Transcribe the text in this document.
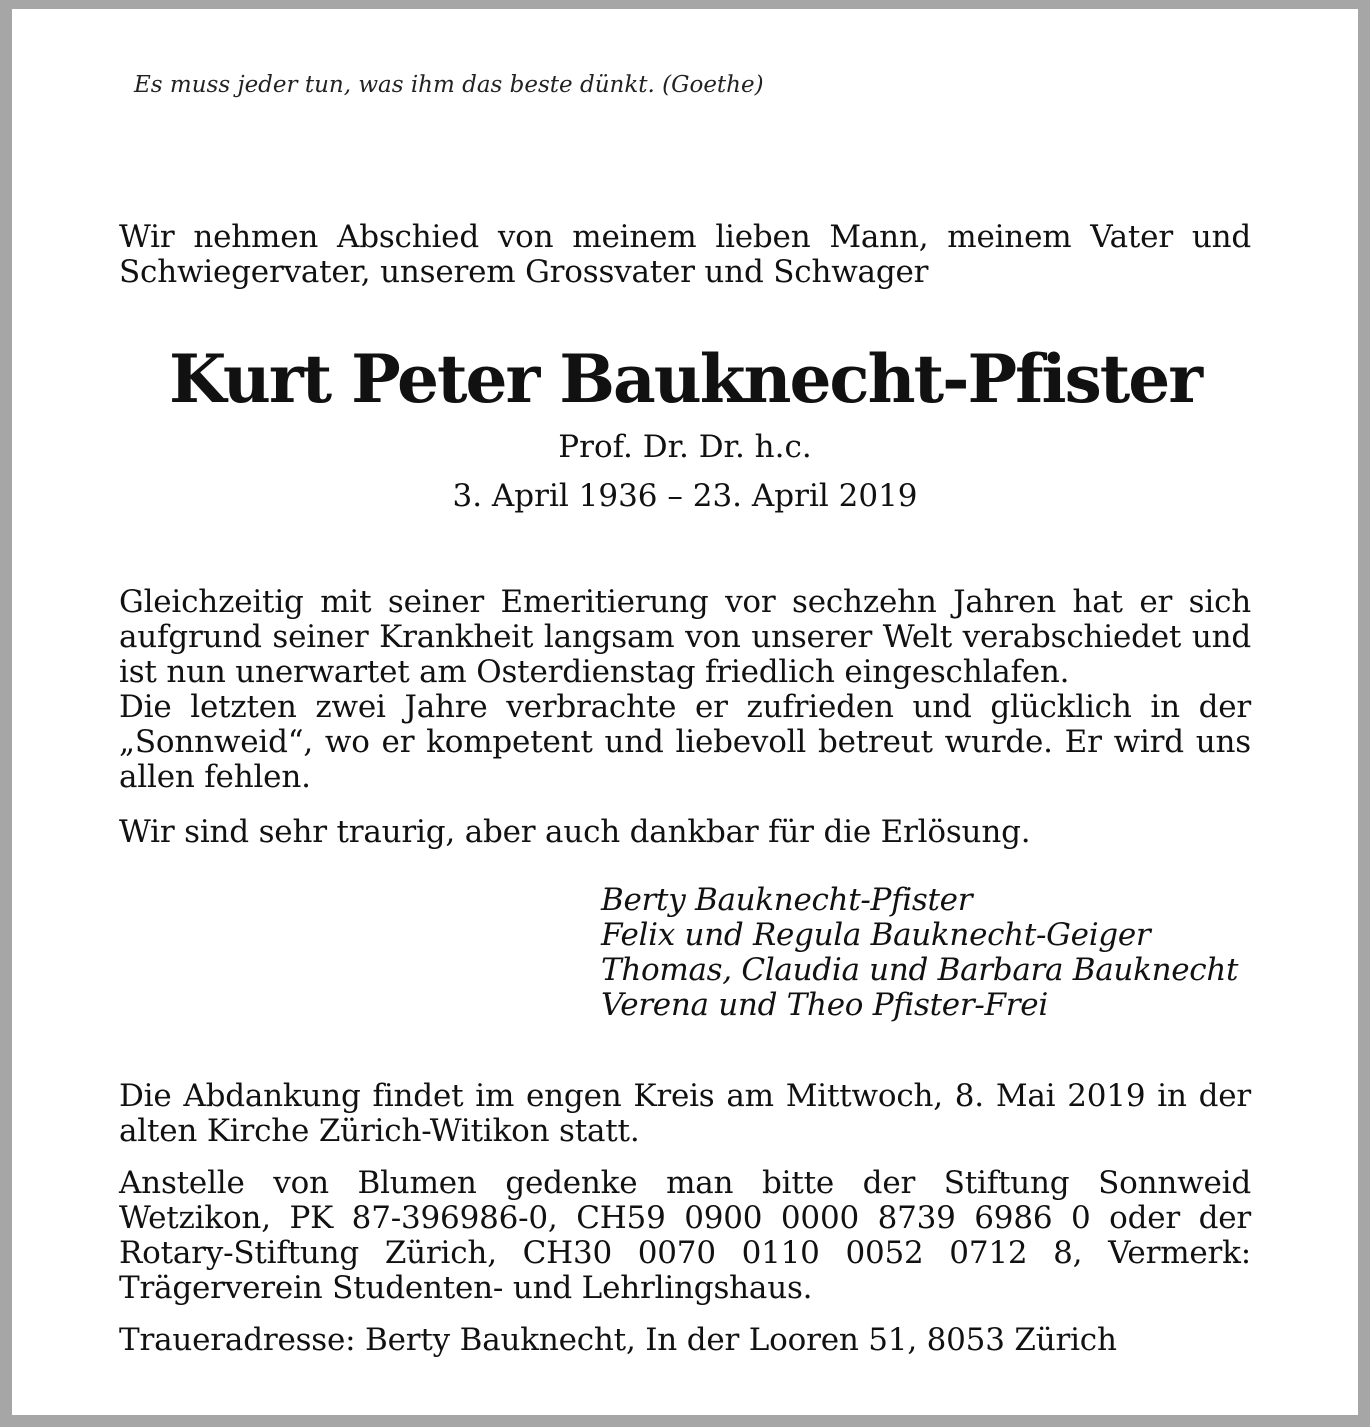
Es muss jeder tun, was ihm das beste dünkt. (Goethe)
Wir nehmen Abschied von meinem lieben Mann, meinem Vater und Schwiegervater, unserem Grossvater und Schwager
Kurt Peter Bauknecht-Pfister
Prof. Dr. Dr. h.c.
3. April 1936 – 23. April 2019

Gleichzeitig mit seiner Emeritierung vor sechzehn Jahren hat er sich aufgrund seiner Krankheit langsam von unserer Welt verabschiedet und ist nun unerwartet am Osterdienstag friedlich eingeschlafen.

Die letzten zwei Jahre verbrachte er zufrieden und glücklich in der „Sonnweid“, wo er kompetent und liebevoll betreut wurde. Er wird uns allen fehlen.

Wir sind sehr traurig, aber auch dankbar für die Erlösung.
Berty Bauknecht-Pfister
Felix und Regula Bauknecht-Geiger
Thomas, Claudia und Barbara Bauknecht
Verena und Theo Pfister-Frei
Die Abdankung findet im engen Kreis am Mittwoch, 8. Mai 2019 in der alten Kirche Zürich-Witikon statt.
Anstelle von Blumen gedenke man bitte der Stiftung Sonnweid Wetzikon, PK 87-396986-0, CH59 0900 0000 8739 6986 0 oder der Rotary-Stiftung Zürich, CH30 0070 0110 0052 0712 8, Vermerk: Trägerverein Studenten- und Lehrlingshaus.
Traueradresse: Berty Bauknecht, In der Looren 51, 8053 Zürich
